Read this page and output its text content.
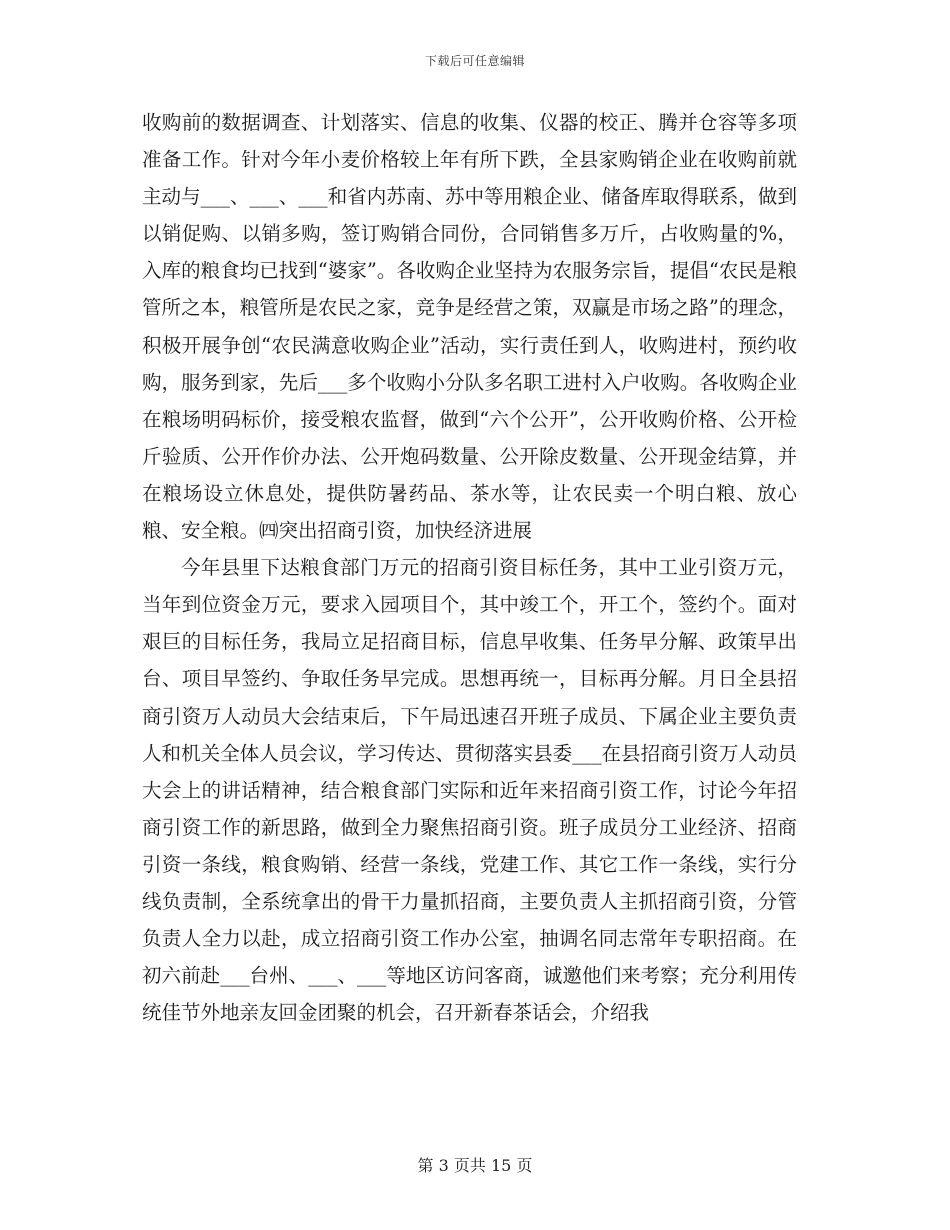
下载后可任意编辑

收购前的数据调查、计划落实、信息的收集、仪器的校正、腾并仓容等多项准备工作。针对今年小麦价格较上年有所下跌，全县家购销企业在收购前就主动与___、___、___和省内苏南、苏中等用粮企业、储备库取得联系，做到以销促购、以销多购，签订购销合同份，合同销售多万斤，占收购量的%，入库的粮食均已找到“婆家”。各收购企业坚持为农服务宗旨，提倡“农民是粮管所之本，粮管所是农民之家，竞争是经营之策，双赢是市场之路”的理念，积极开展争创“农民满意收购企业”活动，实行责任到人，收购进村，预约收购，服务到家，先后___多个收购小分队多名职工进村入户收购。各收购企业在粮场明码标价，接受粮农监督，做到“六个公开”，公开收购价格、公开检斤验质、公开作价办法、公开炮码数量、公开除皮数量、公开现金结算，并在粮场设立休息处，提供防暑药品、茶水等，让农民卖一个明白粮、放心粮、安全粮。㈣突出招商引资，加快经济进展

今年县里下达粮食部门万元的招商引资目标任务，其中工业引资万元，当年到位资金万元，要求入园项目个，其中竣工个，开工个，签约个。面对艰巨的目标任务，我局立足招商目标，信息早收集、任务早分解、政策早出台、项目早签约、争取任务早完成。思想再统一，目标再分解。月日全县招商引资万人动员大会结束后，下午局迅速召开班子成员、下属企业主要负责人和机关全体人员会议，学习传达、贯彻落实县委___在县招商引资万人动员大会上的讲话精神，结合粮食部门实际和近年来招商引资工作，讨论今年招商引资工作的新思路，做到全力聚焦招商引资。班子成员分工业经济、招商引资一条线，粮食购销、经营一条线，党建工作、其它工作一条线，实行分线负责制，全系统拿出的骨干力量抓招商，主要负责人主抓招商引资，分管负责人全力以赴，成立招商引资工作办公室，抽调名同志常年专职招商。在初六前赴___台州、___、___等地区访问客商，诚邀他们来考察；充分利用传统佳节外地亲友回金团聚的机会，召开新春茶话会，介绍我

第 3 页共 15 页
